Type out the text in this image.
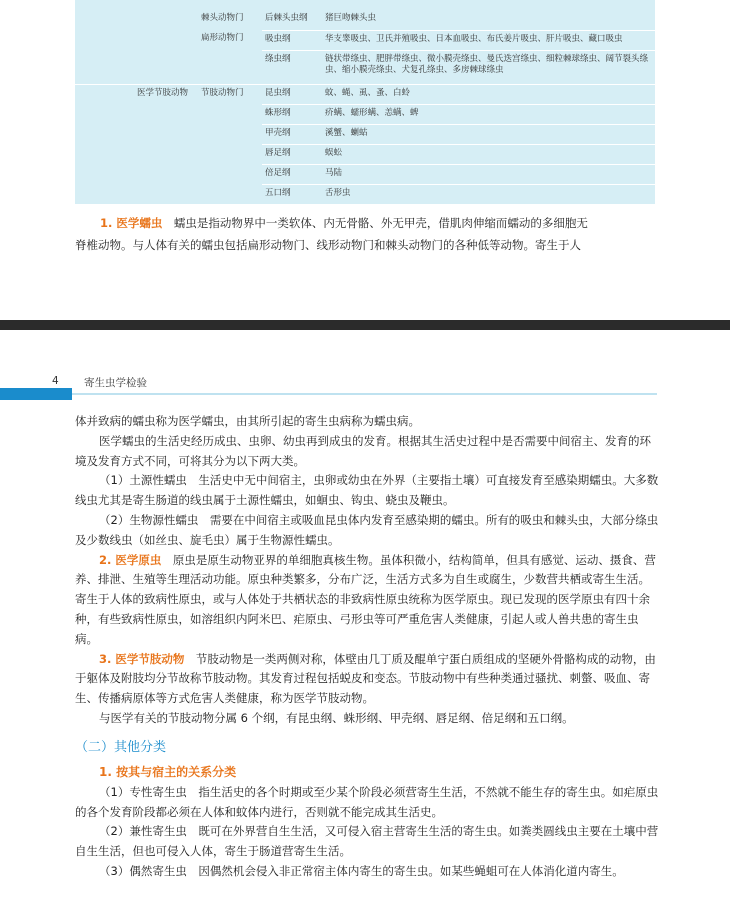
	棘头动物门	后棘头虫纲	猪巨吻棘头虫
	扁形动物门	吸虫纲	华支睾吸虫、卫氏并殖吸虫、日本血吸虫、布氏姜片吸虫、肝片吸虫、藏口吸虫
		绦虫纲	链状带绦虫、肥胖带绦虫、微小膜壳绦虫、曼氏迭宫绦虫、细粒棘球绦虫、阔节裂头绦虫、缩小膜壳绦虫、犬复孔绦虫、多房棘球绦虫
医学节肢动物	节肢动物门	昆虫纲	蚊、蝇、虱、蚤、白蛉
		蛛形纲	疥螨、蠕形螨、恙螨、蜱
		甲壳纲	溪蟹、蝲蛄
		唇足纲	蜈蚣
		倍足纲	马陆
		五口纲	舌形虫
1. 医学蠕虫　 蠕虫是指动物界中一类软体、内无骨骼、外无甲壳，借肌肉伸缩而蠕动的多细胞无
脊椎动物。与人体有关的蠕虫包括扁形动物门、线形动物门和棘头动物门的各种低等动物。寄生于人
4 寄生虫学检验

体并致病的蠕虫称为医学蠕虫，由其所引起的寄生虫病称为蠕虫病。

医学蠕虫的生活史经历成虫、虫卵、幼虫再到成虫的发育。根据其生活史过程中是否需要中间宿主、发育的环境及发育方式不同，可将其分为以下两大类。

（1）土源性蠕虫　生活史中无中间宿主，虫卵或幼虫在外界（主要指土壤）可直接发育至感染期蠕虫。大多数线虫尤其是寄生肠道的线虫属于土源性蠕虫，如蛔虫、钩虫、蛲虫及鞭虫。

（2）生物源性蠕虫　需要在中间宿主或吸血昆虫体内发育至感染期的蠕虫。所有的吸虫和棘头虫，大部分绦虫及少数线虫（如丝虫、旋毛虫）属于生物源性蠕虫。

2. 医学原虫　 原虫是原生动物亚界的单细胞真核生物。虽体积微小，结构简单，但具有感觉、运动、摄食、营养、排泄、生殖等生理活动功能。原虫种类繁多，分布广泛，生活方式多为自生或腐生，少数营共栖或寄生生活。寄生于人体的致病性原虫，或与人体处于共栖状态的非致病性原虫统称为医学原虫。现已发现的医学原虫有四十余种，有些致病性原虫，如溶组织内阿米巴、疟原虫、弓形虫等可严重危害人类健康，引起人或人兽共患的寄生虫病。

3. 医学节肢动物　 节肢动物是一类两侧对称，体壁由几丁质及醌单宁蛋白质组成的坚硬外骨骼构成的动物，由于躯体及附肢均分节故称节肢动物。其发育过程包括蜕皮和变态。节肢动物中有些种类通过骚扰、刺螫、吸血、寄生、传播病原体等方式危害人类健康，称为医学节肢动物。

与医学有关的节肢动物分属 6 个纲，有昆虫纲、蛛形纲、甲壳纲、唇足纲、倍足纲和五口纲。

（二）其他分类
1. 按其与宿主的关系分类

（1）专性寄生虫　指生活史的各个时期或至少某个阶段必须营寄生生活，不然就不能生存的寄生虫。如疟原虫的各个发育阶段都必须在人体和蚊体内进行，否则就不能完成其生活史。

（2）兼性寄生虫　既可在外界营自生生活，又可侵入宿主营寄生生活的寄生虫。如粪类圆线虫主要在土壤中营自生生活，但也可侵入人体，寄生于肠道营寄生生活。

（3）偶然寄生虫　因偶然机会侵入非正常宿主体内寄生的寄生虫。如某些蝇蛆可在人体消化道内寄生。
